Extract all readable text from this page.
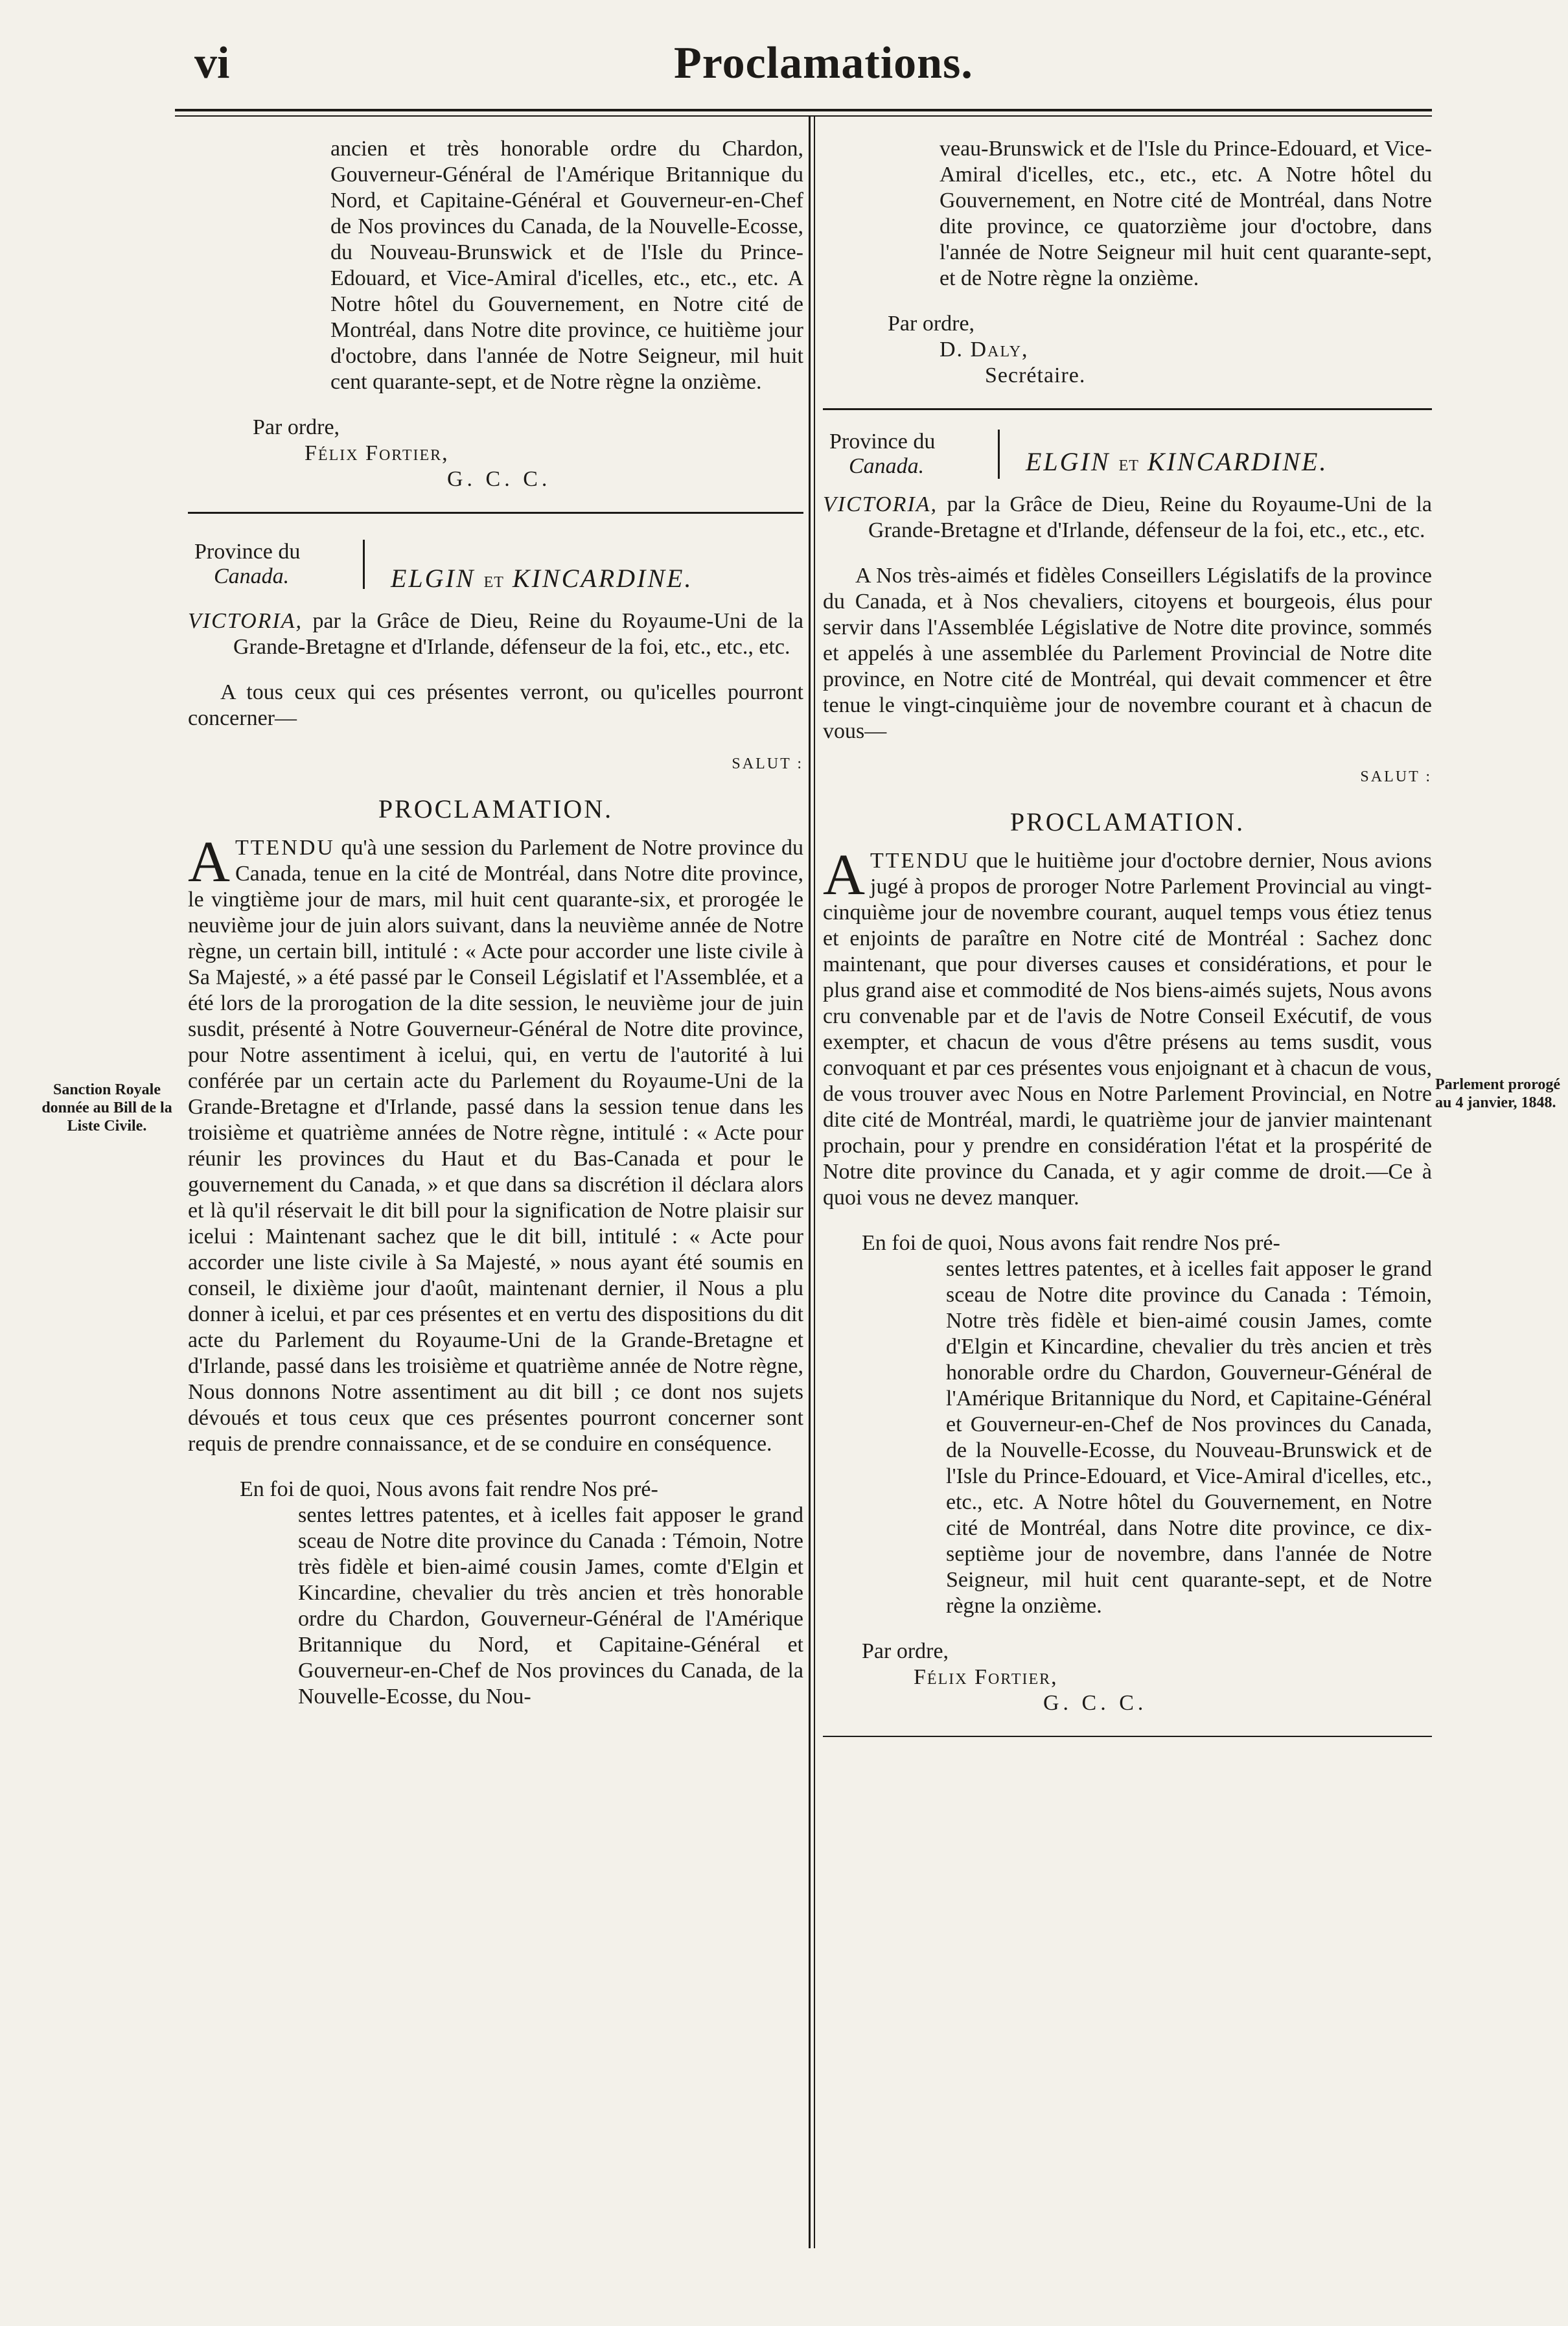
vi	Proclamations.
Sanction Royale donnée au Bill de la Liste Civile.
Parlement prorogé au 4 janvier, 1848.

ancien et très honorable ordre du Chardon, Gouverneur-Général de l'Amérique Britannique du Nord, et Capitaine-Général et Gouverneur-en-Chef de Nos provinces du Canada, de la Nouvelle-Ecosse, du Nouveau-Brunswick et de l'Isle du Prince-Edouard, et Vice-Amiral d'icelles, etc., etc., etc. A Notre hôtel du Gouvernement, en Notre cité de Montréal, dans Notre dite province, ce huitième jour d'octobre, dans l'année de Notre Seigneur, mil huit cent quarante-sept, et de Notre règne la onzième.

Par ordre,
Félix Fortier,
G. C. C.
Province du
Canada.	ELGIN ET KINCARDINE.

VICTORIA, par la Grâce de Dieu, Reine du Royaume-Uni de la Grande-Bretagne et d'Irlande, défenseur de la foi, etc., etc., etc.

A tous ceux qui ces présentes verront, ou qu'icelles pourront concerner—

SALUT :
PROCLAMATION.

ATTENDU qu'à une session du Parlement de Notre province du Canada, tenue en la cité de Montréal, dans Notre dite province, le vingtième jour de mars, mil huit cent quarante-six, et prorogée le neuvième jour de juin alors suivant, dans la neuvième année de Notre règne, un certain bill, intitulé : « Acte pour accorder une liste civile à Sa Majesté, » a été passé par le Conseil Législatif et l'Assemblée, et a été lors de la prorogation de la dite session, le neuvième jour de juin susdit, présenté à Notre Gouverneur-Général de Notre dite province, pour Notre assentiment à icelui, qui, en vertu de l'autorité à lui conférée par un certain acte du Parlement du Royaume-Uni de la Grande-Bretagne et d'Irlande, passé dans la session tenue dans les troisième et quatrième années de Notre règne, intitulé : « Acte pour réunir les provinces du Haut et du Bas-Canada et pour le gouvernement du Canada, » et que dans sa discrétion il déclara alors et là qu'il réservait le dit bill pour la signification de Notre plaisir sur icelui : Maintenant sachez que le dit bill, intitulé : « Acte pour accorder une liste civile à Sa Majesté, » nous ayant été soumis en conseil, le dixième jour d'août, maintenant dernier, il Nous a plu donner à icelui, et par ces présentes et en vertu des dispositions du dit acte du Parlement du Royaume-Uni de la Grande-Bretagne et d'Irlande, passé dans les troisième et quatrième année de Notre règne, Nous donnons Notre assentiment au dit bill ; ce dont nos sujets dévoués et tous ceux que ces présentes pourront concerner sont requis de prendre connaissance, et de se conduire en conséquence.

En foi de quoi, Nous avons fait rendre Nos pré-

sentes lettres patentes, et à icelles fait apposer le grand sceau de Notre dite province du Canada : Témoin, Notre très fidèle et bien-aimé cousin James, comte d'Elgin et Kincardine, chevalier du très ancien et très honorable ordre du Chardon, Gouverneur-Général de l'Amérique Britannique du Nord, et Capitaine-Général et Gouverneur-en-Chef de Nos provinces du Canada, de la Nouvelle-Ecosse, du Nou-

veau-Brunswick et de l'Isle du Prince-Edouard, et Vice-Amiral d'icelles, etc., etc., etc. A Notre hôtel du Gouvernement, en Notre cité de Montréal, dans Notre dite province, ce quatorzième jour d'octobre, dans l'année de Notre Seigneur mil huit cent quarante-sept, et de Notre règne la onzième.

Par ordre,
D. Daly,
Secrétaire.
Province du
Canada.	ELGIN ET KINCARDINE.

VICTORIA, par la Grâce de Dieu, Reine du Royaume-Uni de la Grande-Bretagne et d'Irlande, défenseur de la foi, etc., etc., etc.

A Nos très-aimés et fidèles Conseillers Législatifs de la province du Canada, et à Nos chevaliers, citoyens et bourgeois, élus pour servir dans l'Assemblée Législative de Notre dite province, sommés et appelés à une assemblée du Parlement Provincial de Notre dite province, en Notre cité de Montréal, qui devait commencer et être tenue le vingt-cinquième jour de novembre courant et à chacun de vous—

SALUT :
PROCLAMATION.

ATTENDU que le huitième jour d'octobre dernier, Nous avions jugé à propos de proroger Notre Parlement Provincial au vingt-cinquième jour de novembre courant, auquel temps vous étiez tenus et enjoints de paraître en Notre cité de Montréal : Sachez donc maintenant, que pour diverses causes et considérations, et pour le plus grand aise et commodité de Nos biens-aimés sujets, Nous avons cru convenable par et de l'avis de Notre Conseil Exécutif, de vous exempter, et chacun de vous d'être présens au tems susdit, vous convoquant et par ces présentes vous enjoignant et à chacun de vous, de vous trouver avec Nous en Notre Parlement Provincial, en Notre dite cité de Montréal, mardi, le quatrième jour de janvier maintenant prochain, pour y prendre en considération l'état et la prospérité de Notre dite province du Canada, et y agir comme de droit.—Ce à quoi vous ne devez manquer.

En foi de quoi, Nous avons fait rendre Nos pré-

sentes lettres patentes, et à icelles fait apposer le grand sceau de Notre dite province du Canada : Témoin, Notre très fidèle et bien-aimé cousin James, comte d'Elgin et Kincardine, chevalier du très ancien et très honorable ordre du Chardon, Gouverneur-Général de l'Amérique Britannique du Nord, et Capitaine-Général et Gouverneur-en-Chef de Nos provinces du Canada, de la Nouvelle-Ecosse, du Nouveau-Brunswick et de l'Isle du Prince-Edouard, et Vice-Amiral d'icelles, etc., etc., etc. A Notre hôtel du Gouvernement, en Notre cité de Montréal, dans Notre dite province, ce dix-septième jour de novembre, dans l'année de Notre Seigneur, mil huit cent quarante-sept, et de Notre règne la onzième.

Par ordre,
Félix Fortier,
G. C. C.
